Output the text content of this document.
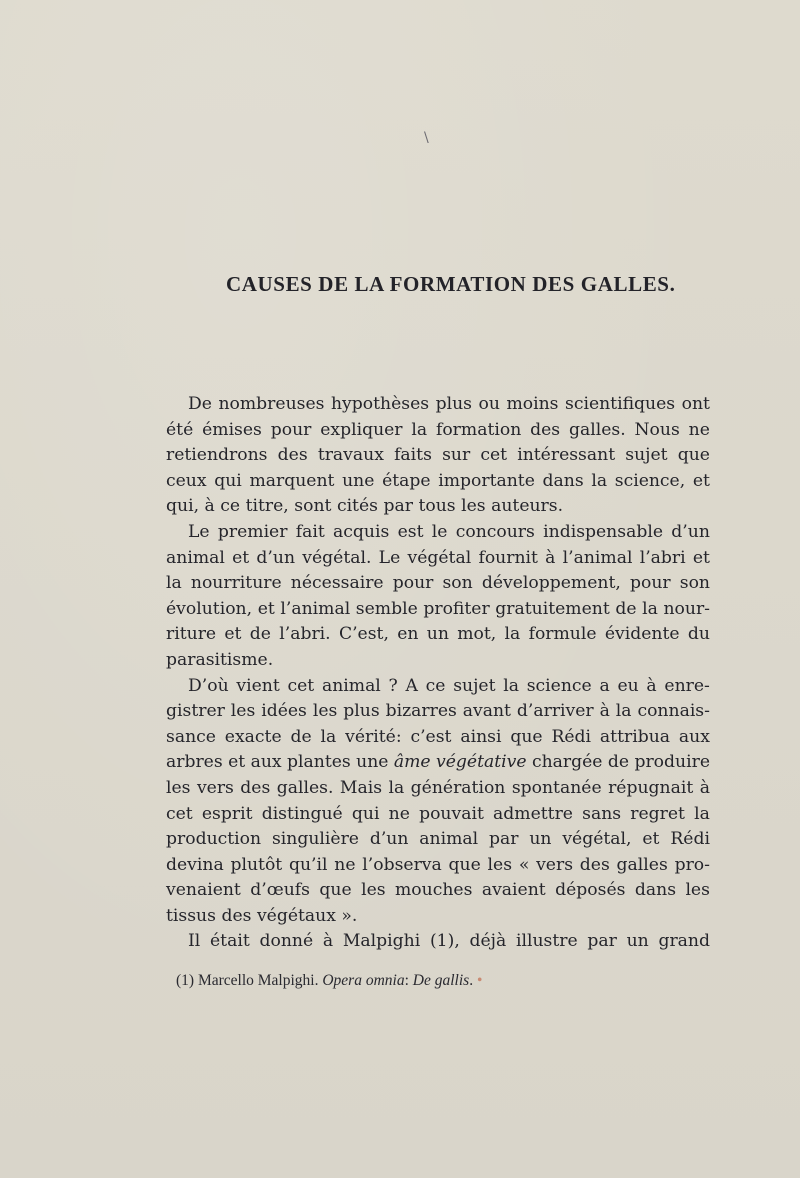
\
CAUSES DE LA FORMATION DES GALLES.
De nombreuses hypothèses plus ou moins scientifiques ont
été émises pour expliquer la formation des galles. Nous ne
retiendrons des travaux faits sur cet intéressant sujet que
ceux qui marquent une étape importante dans la science, et
qui, à ce titre, sont cités par tous les auteurs.
Le premier fait acquis est le concours indispensable d’un
animal et d’un végétal. Le végétal fournit à l’animal l’abri et
la nourriture nécessaire pour son développement, pour son
évolution, et l’animal semble profiter gratuitement de la nour-
riture et de l’abri. C’est, en un mot, la formule évidente du
parasitisme.
D’où vient cet animal ? A ce sujet la science a eu à enre-
gistrer les idées les plus bizarres avant d’arriver à la connais-
sance exacte de la vérité: c’est ainsi que Rédi attribua aux
arbres et aux plantes une âme végétative chargée de produire
les vers des galles. Mais la génération spontanée répugnait à
cet esprit distingué qui ne pouvait admettre sans regret la
production singulière d’un animal par un végétal, et Rédi
devina plutôt qu’il ne l’observa que les « vers des galles pro-
venaient d’œufs que les mouches avaient déposés dans les
tissus des végétaux ».
Il était donné à Malpighi (1), déjà illustre par un grand
(1) Marcello Malpighi. Opera omnia: De gallis. •
